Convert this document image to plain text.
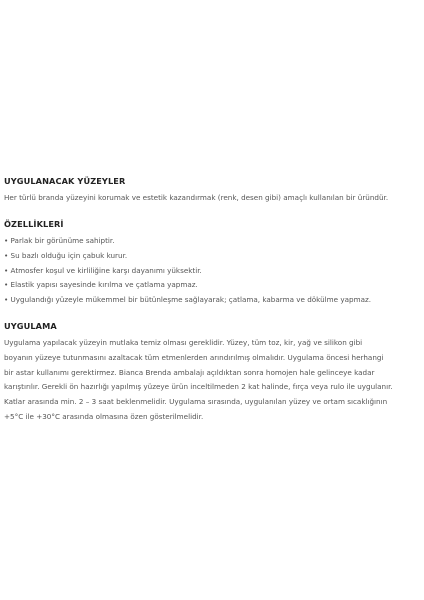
UYGULANACAK YÜZEYLER

Her türlü branda yüzeyini korumak ve estetik kazandırmak (renk, desen gibi) amaçlı kullanılan bir üründür.

ÖZELLİKLERİ
• Parlak bir görünüme sahiptir.
• Su bazlı olduğu için çabuk kurur.
• Atmosfer koşul ve kirliliğine karşı dayanımı yüksektir.
• Elastik yapısı sayesinde kırılma ve çatlama yapmaz.
• Uygulandığı yüzeyle mükemmel bir bütünleşme sağlayarak; çatlama, kabarma ve dökülme yapmaz.
UYGULAMA

Uygulama yapılacak yüzeyin mutlaka temiz olması gereklidir. Yüzey, tüm toz, kir, yağ ve silikon gibi
boyanın yüzeye tutunmasını azaltacak tüm etmenlerden arındırılmış olmalıdır. Uygulama öncesi herhangi
bir astar kullanımı gerektirmez. Bianca Brenda ambalajı açıldıktan sonra homojen hale gelinceye kadar
karıştırılır. Gerekli ön hazırlığı yapılmış yüzeye ürün inceltilmeden 2 kat halinde, fırça veya rulo ile uygulanır.
Katlar arasında min. 2 – 3 saat beklenmelidir. Uygulama sırasında, uygulanılan yüzey ve ortam sıcaklığının
+5°C ile +30°C arasında olmasına özen gösterilmelidir.
